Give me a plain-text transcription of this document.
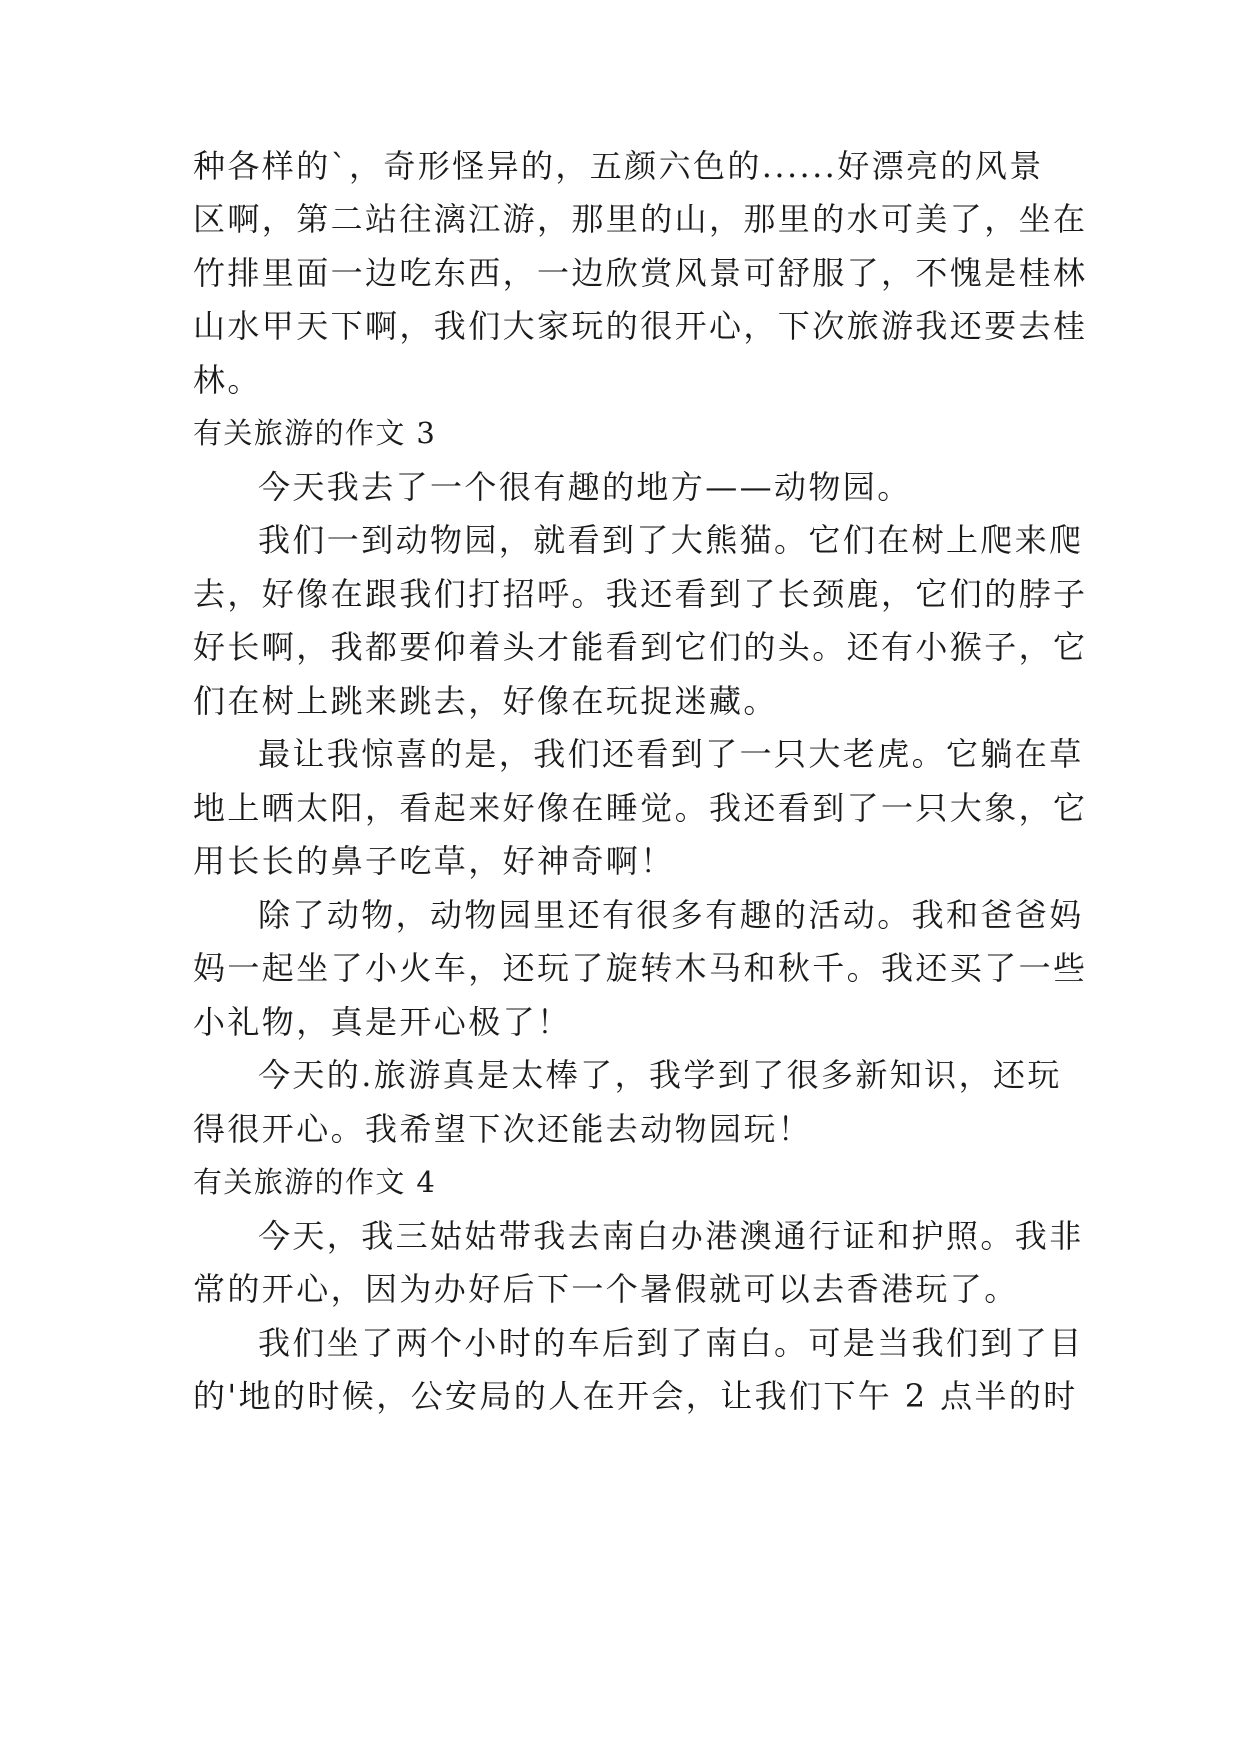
种各样的`，奇形怪异的，五颜六色的......好漂亮的风景
区啊，第二站往漓江游，那里的山，那里的水可美了，坐在
竹排里面一边吃东西，一边欣赏风景可舒服了，不愧是桂林
山水甲天下啊，我们大家玩的很开心，下次旅游我还要去桂
林。
有关旅游的作文 3
今天我去了一个很有趣的地方——动物园。
我们一到动物园，就看到了大熊猫。它们在树上爬来爬
去，好像在跟我们打招呼。我还看到了长颈鹿，它们的脖子
好长啊，我都要仰着头才能看到它们的头。还有小猴子，它
们在树上跳来跳去，好像在玩捉迷藏。
最让我惊喜的是，我们还看到了一只大老虎。它躺在草
地上晒太阳，看起来好像在睡觉。我还看到了一只大象，它
用长长的鼻子吃草，好神奇啊！
除了动物，动物园里还有很多有趣的活动。我和爸爸妈
妈一起坐了小火车，还玩了旋转木马和秋千。我还买了一些
小礼物，真是开心极了！
今天的.旅游真是太棒了，我学到了很多新知识，还玩
得很开心。我希望下次还能去动物园玩！
有关旅游的作文 4
今天，我三姑姑带我去南白办港澳通行证和护照。我非
常的开心，因为办好后下一个暑假就可以去香港玩了。
我们坐了两个小时的车后到了南白。可是当我们到了目
的'地的时候，公安局的人在开会，让我们下午 2 点半的时
